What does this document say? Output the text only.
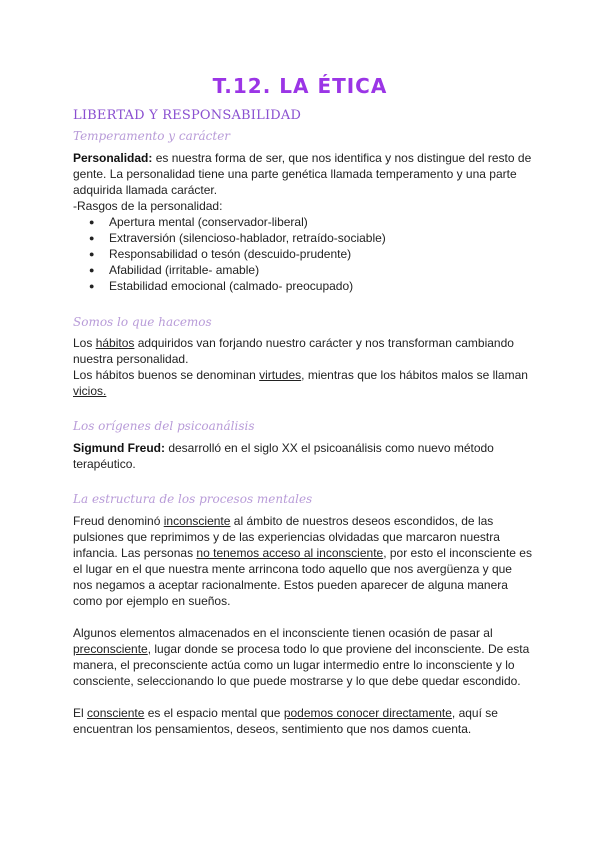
T.12. LA ÉTICA
LIBERTAD Y RESPONSABILIDAD
Temperamento y carácter

Personalidad: es nuestra forma de ser, que nos identifica y nos distingue del resto de gente. La personalidad tiene una parte genética llamada temperamento y una parte adquirida llamada carácter.

-Rasgos de la personalidad:

● Apertura mental (conservador-liberal)
● Extraversión (silencioso-hablador, retraído-sociable)
● Responsabilidad o tesón (descuido-prudente)
● Afabilidad (irritable- amable)
● Estabilidad emocional (calmado- preocupado)
Somos lo que hacemos

Los hábitos adquiridos van forjando nuestro carácter y nos transforman cambiando nuestra personalidad.

Los hábitos buenos se denominan virtudes, mientras que los hábitos malos se llaman vicios.

Los orígenes del psicoanálisis

Sigmund Freud: desarrolló en el siglo XX el psicoanálisis como nuevo método terapéutico.

La estructura de los procesos mentales

Freud denominó inconsciente al ámbito de nuestros deseos escondidos, de las pulsiones que reprimimos y de las experiencias olvidadas que marcaron nuestra infancia. Las personas no tenemos acceso al inconsciente, por esto el inconsciente es el lugar en el que nuestra mente arrinconа todo aquello que nos avergüenza y que nos negamos a aceptar racionalmente. Estos pueden aparecer de alguna manera como por ejemplo en sueños.

Algunos elementos almacenados en el inconsciente tienen ocasión de pasar al preconsciente, lugar donde se procesa todo lo que proviene del inconsciente. De esta manera, el preconsciente actúa como un lugar intermedio entre lo inconsciente y lo consciente, seleccionando lo que puede mostrarse y lo que debe quedar escondido.

El consciente es el espacio mental que podemos conocer directamente, aquí se encuentran los pensamientos, deseos, sentimiento que nos damos cuenta.
